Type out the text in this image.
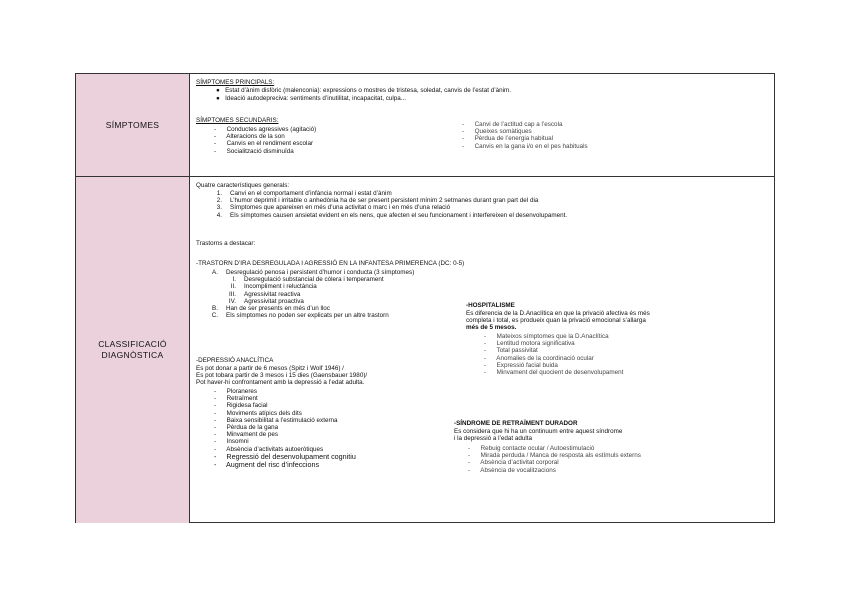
SÍMPTOMES
SÍMPTOMES PRINCIPALS:
●   Estat d’ànim disfòric (malenconia): expressions o mostres de tristesa, soledat, canvis de l’estat d’ànim.
●   Ideació autodepreciva: sentiments d’inutilitat, incapacitat, culpa...
SÍMPTOMES SECUNDARIS:
-      Conductes agressives (agitació)
-      Alteracions de la son
-      Canvis en el rendiment escolar
-      Socialització disminuïda
-      Canvi de l’actitud cap a l’escola
-      Queixes somàtiques
-      Pèrdua de l’energia habitual
-      Canvis en la gana i/o en el pes habituals
CLASSIFICACIÓ
DIAGNÒSTICA
Quatre característiques generals:
1. Canvi en el comportament d’infància normal i estat d’ànim
2. L’humor deprimit i irritable o anhedònia ha de ser present persistent mínim 2 setmanes durant gran part del dia
3. Símptomes que apareixen en més d’una activitat o marc i en més d’una relació
4. Els símptomes causen ansietat evident en els nens, que afecten el seu funcionament i interfereixen el desenvolupament.
Trastorns a destacar:
-TRASTORN D’IRA DESREGULADA I AGRESSIÓ EN LA INFANTESA PRIMERENCA (DC: 0-5)
A. Desregulació penosa i persistent d’humor i conducta (3 símptomes)
I. Desregulació substancial de còlera i temperament
II. Incompliment i reluctància
III. Agressivitat reactiva
IV. Agressivitat proactiva
B. Han de ser presents en més d’un lloc
C. Els símptomes no poden ser explicats per un altre trastorn
-DEPRESSIÓ ANACLÍTICA
Es pot donar a partir de 6 mesos (Spitz i Wolf 1946) /
Es pot tobara partir de 3 mesos i 15 dies (Gaensbauer 1980)/
Pot haver-hi confrontament amb la depressió a l’edat adulta.
-      Ploraneres
-      Retraïment
-      Rigidesa facial
-      Moviments atípics dels dits
-      Baixa sensibilitat a l’estimulació externa
-      Pèrdua de la gana
-      Minvament de pes
-      Insomni
-      Absència d’activitats autoeròtiques
-     Regressió del desenvolupament cognitiu
-     Augment del risc d’infeccions
-HOSPITALISME
Es diferencia de la D.Anaclítica en que la privació afectiva és més
completa i total, es produeix quan la privació emocional s’allarga
més de 5 mesos.
-      Mateixos símptomes que la D.Anaclítica
-      Lentitud motora significativa
-      Total passivitat
-      Anomalies de la coordinació ocular
-      Expressió facial buida
-      Minvament del quocient de desenvolupament
-SÍNDROME DE RETRAÏMENT DURADOR
Es considera que hi ha un continuum entre aquest síndrome
i la depressió a l’edat adulta
-      Rebuig contacte ocular / Autoestimulació
-      Mirada perduda / Manca de resposta als estímuls externs
-      Absència d’activitat corporal
-      Absència de vocalitzacions
